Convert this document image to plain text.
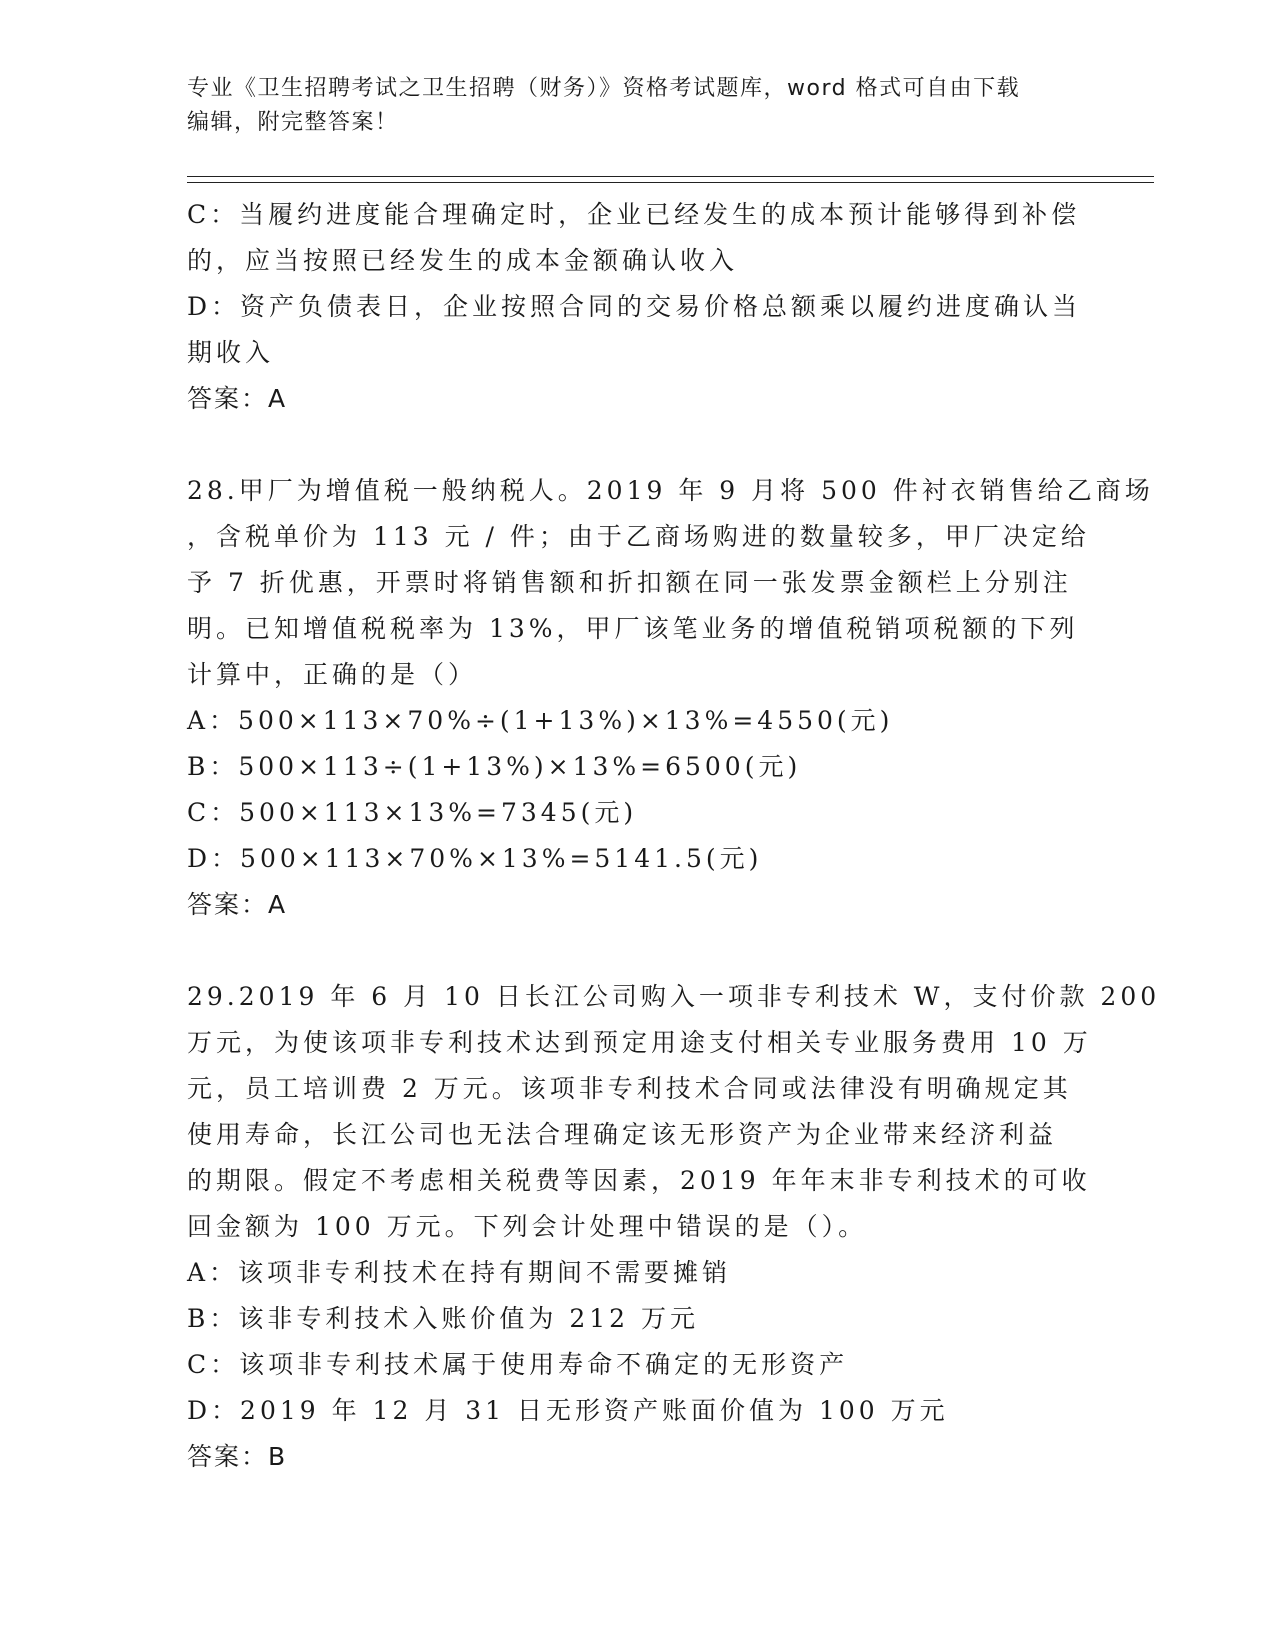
专业《卫生招聘考试之卫生招聘（财务）》资格考试题库，word 格式可自由下载
编辑，附完整答案！
C：当履约进度能合理确定时，企业已经发生的成本预计能够得到补偿
的，应当按照已经发生的成本金额确认收入
D：资产负债表日，企业按照合同的交易价格总额乘以履约进度确认当
期收入
答案：A
28.甲厂为增值税一般纳税人。2019 年 9 月将 500 件衬衣销售给乙商场
，含税单价为 113 元 / 件；由于乙商场购进的数量较多，甲厂决定给
予 7 折优惠，开票时将销售额和折扣额在同一张发票金额栏上分别注
明。已知增值税税率为 13%，甲厂该笔业务的增值税销项税额的下列
计算中，正确的是（）
A：500×113×70%÷(1+13%)×13%=4550(元)
B：500×113÷(1+13%)×13%=6500(元)
C：500×113×13%=7345(元)
D：500×113×70%×13%=5141.5(元)
答案：A
29.2019 年 6 月 10 日长江公司购入一项非专利技术 W，支付价款 200
万元，为使该项非专利技术达到预定用途支付相关专业服务费用 10 万
元，员工培训费 2 万元。该项非专利技术合同或法律没有明确规定其
使用寿命，长江公司也无法合理确定该无形资产为企业带来经济利益
的期限。假定不考虑相关税费等因素，2019 年年末非专利技术的可收
回金额为 100 万元。下列会计处理中错误的是（）。
A：该项非专利技术在持有期间不需要摊销
B：该非专利技术入账价值为 212 万元
C：该项非专利技术属于使用寿命不确定的无形资产
D：2019 年 12 月 31 日无形资产账面价值为 100 万元
答案：B
